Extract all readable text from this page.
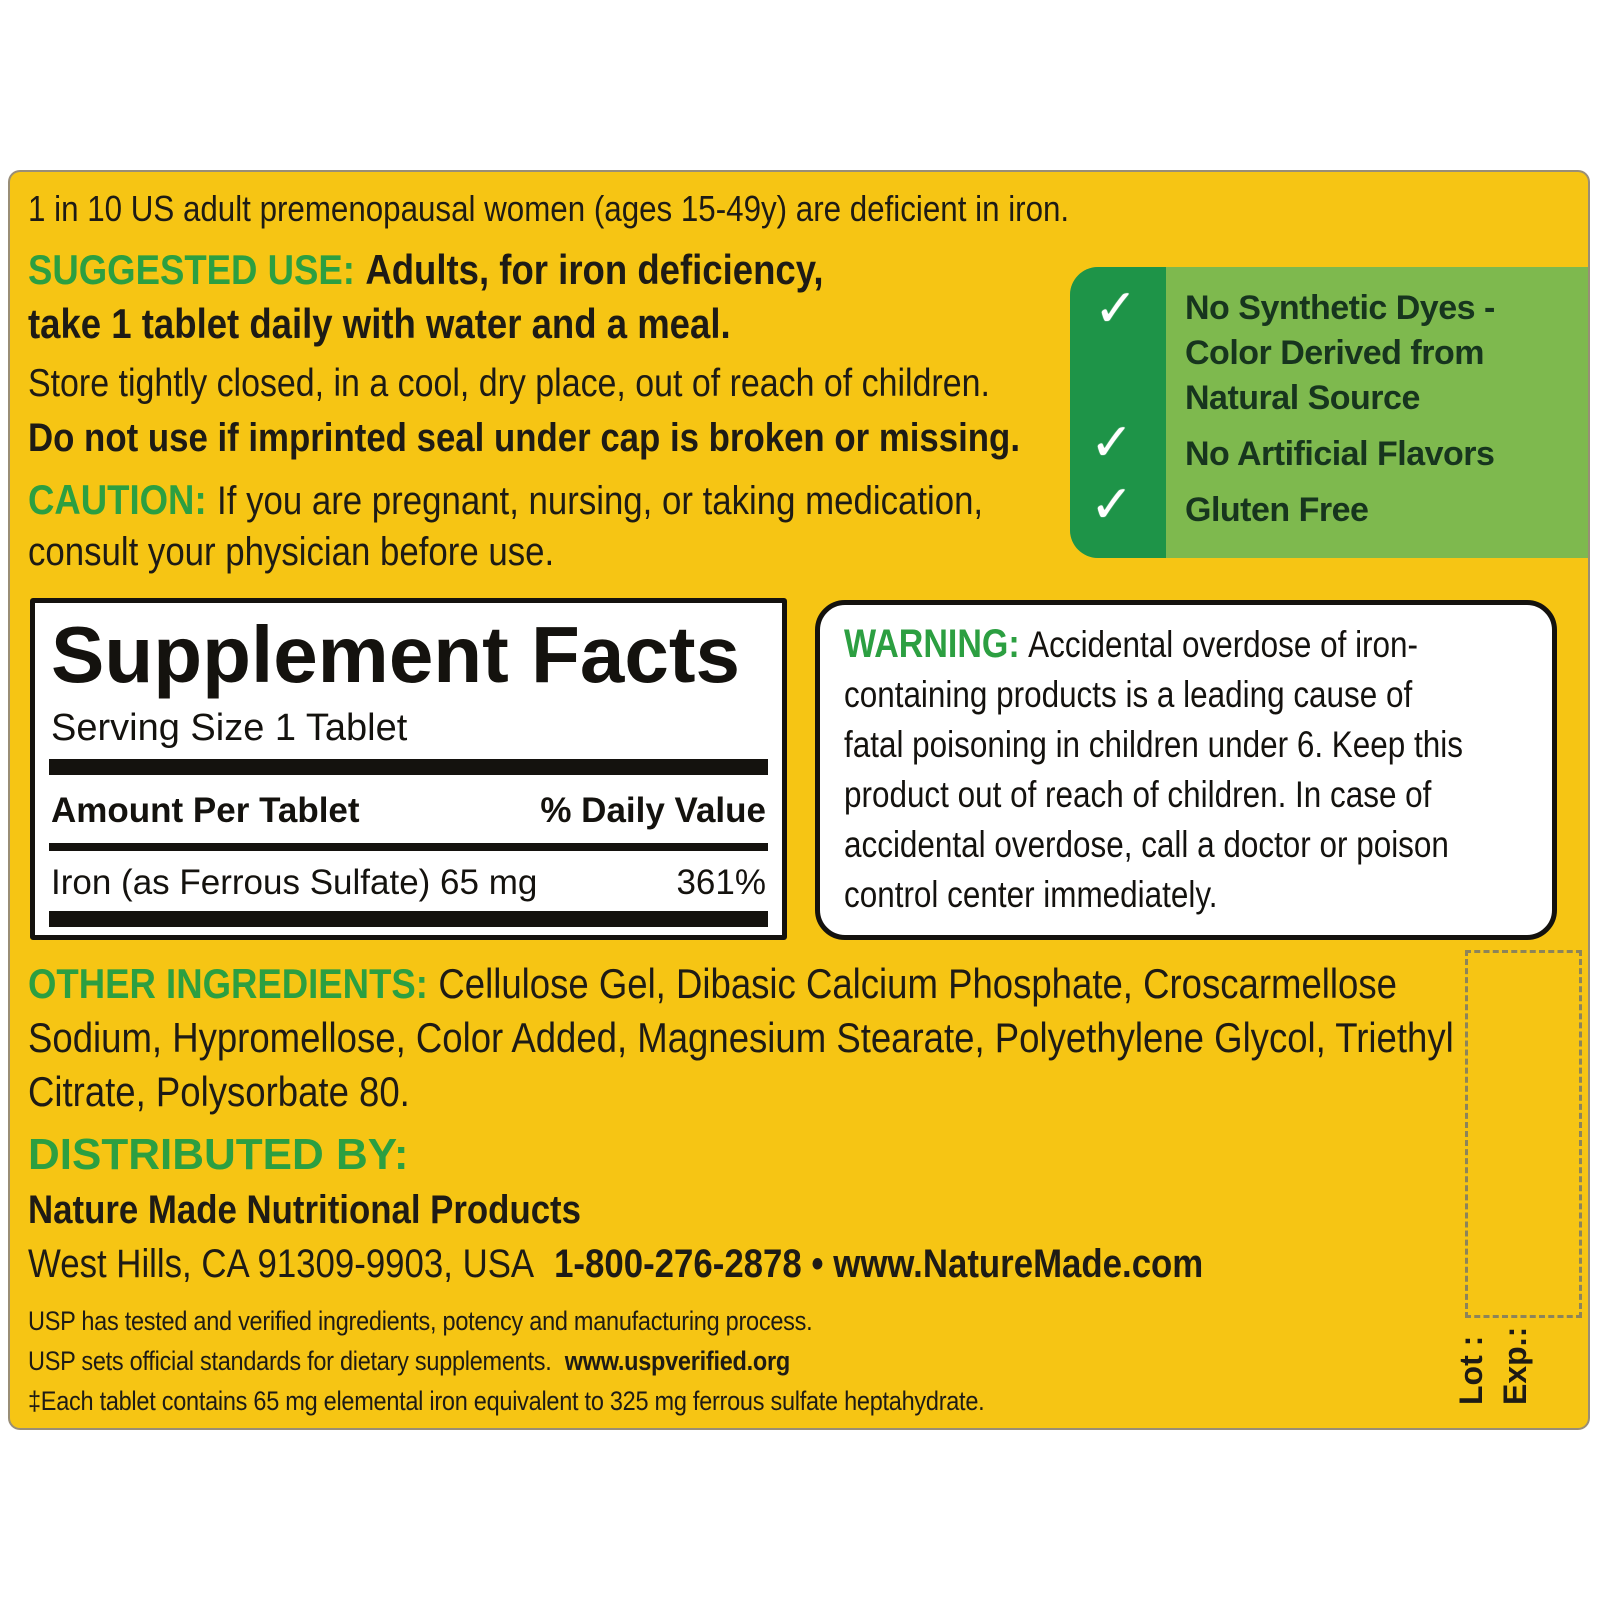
1 in 10 US adult premenopausal women (ages 15-49y) are deficient in iron.
SUGGESTED USE: Adults, for iron deficiency,
take 1 tablet daily with water and a meal.
Store tightly closed, in a cool, dry place, out of reach of children.
Do not use if imprinted seal under cap is broken or missing.
CAUTION: If you are pregnant, nursing, or taking medication,
consult your physician before use.
✓
✓
✓
No Synthetic Dyes -
Color Derived from
Natural Source
No Artificial Flavors
Gluten Free
Supplement Facts
Serving Size 1 Tablet
Amount Per Tablet	% Daily Value
Iron (as Ferrous Sulfate) 65 mg	361%
WARNING: Accidental overdose of iron-
containing products is a leading cause of
fatal poisoning in children under 6. Keep this
product out of reach of children. In case of
accidental overdose, call a doctor or poison
control center immediately.
OTHER INGREDIENTS: Cellulose Gel, Dibasic Calcium Phosphate, Croscarmellose
Sodium, Hypromellose, Color Added, Magnesium Stearate, Polyethylene Glycol, Triethyl
Citrate, Polysorbate 80.
DISTRIBUTED BY:
Nature Made Nutritional Products
West Hills, CA 91309-9903, USA 1-800-276-2878 • www.NatureMade.com
USP has tested and verified ingredients, potency and manufacturing process.
USP sets official standards for dietary supplements. www.uspverified.org
‡Each tablet contains 65 mg elemental iron equivalent to 325 mg ferrous sulfate heptahydrate.	Lot : Exp.:
